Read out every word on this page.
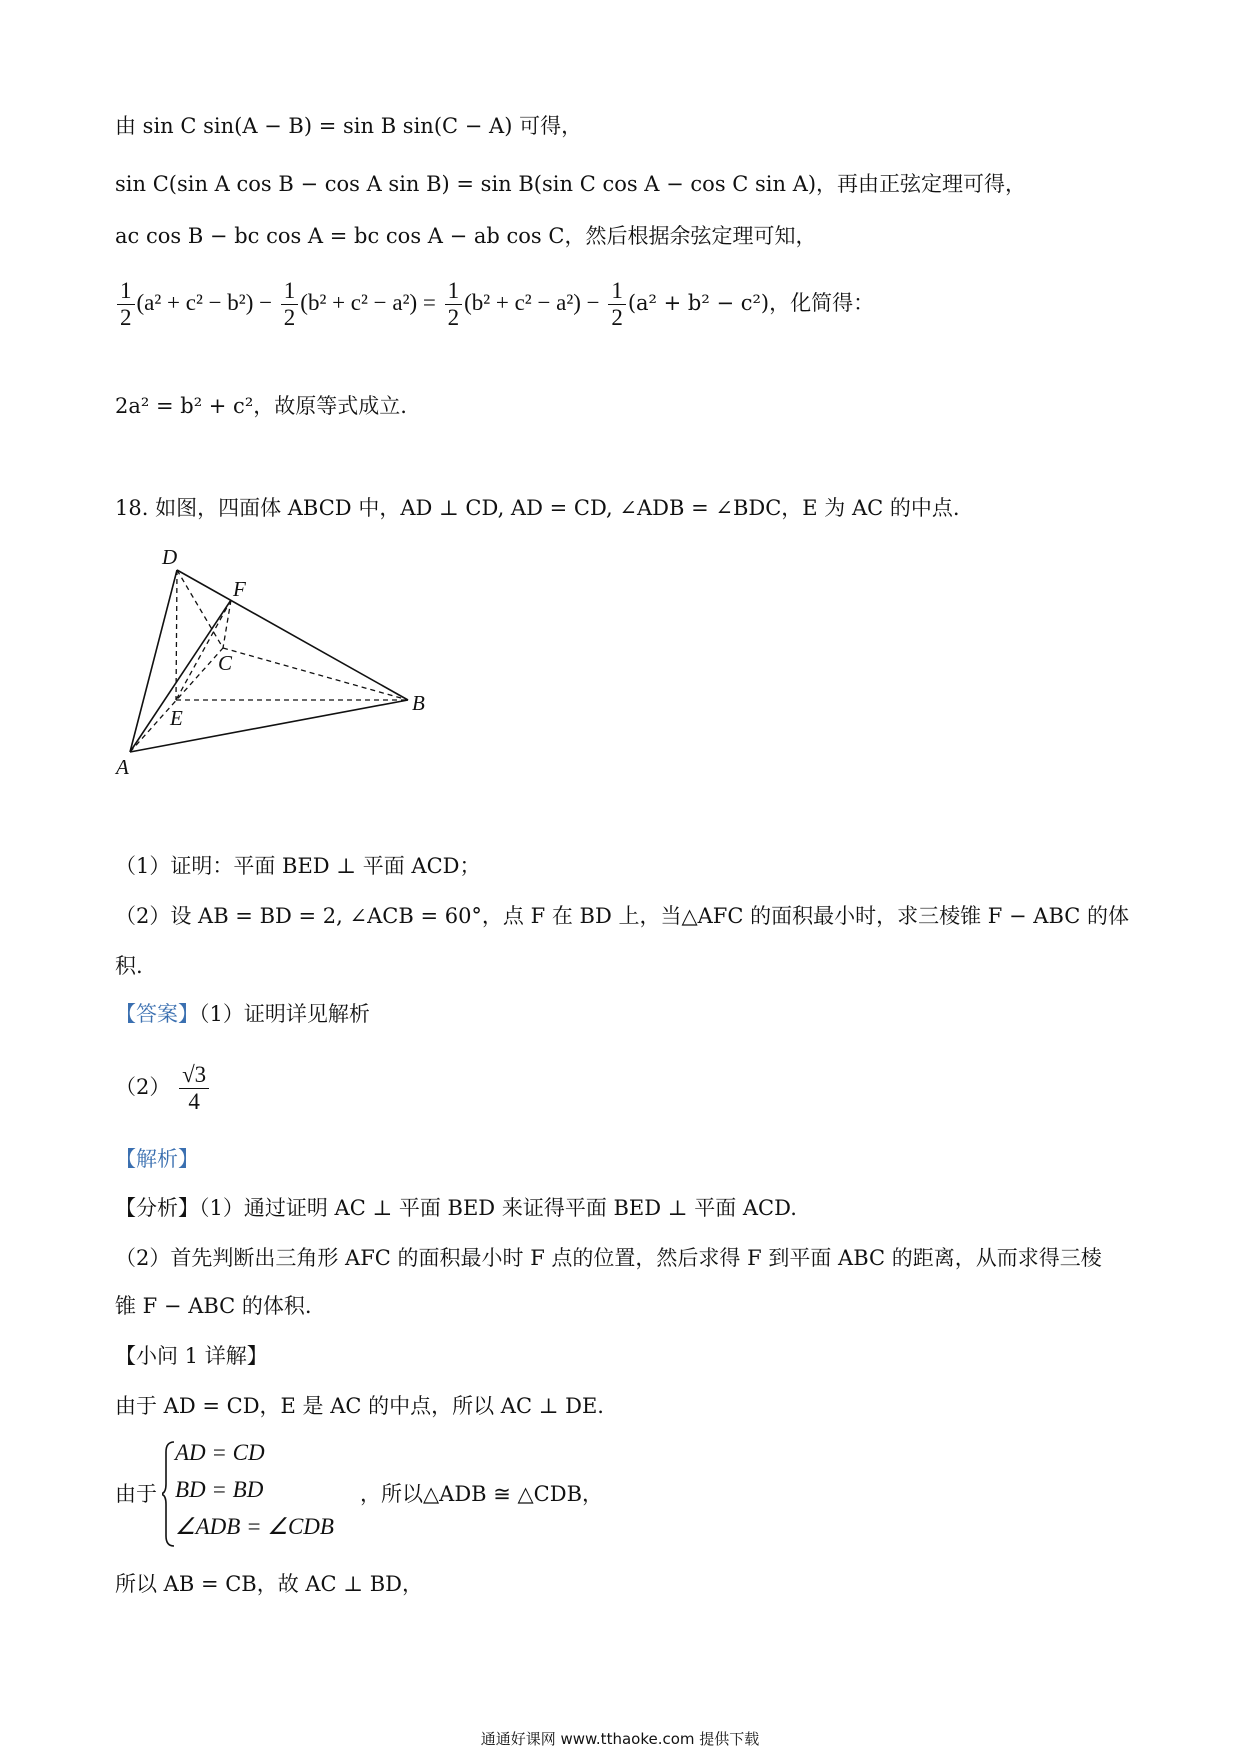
由 sin C sin(A − B) = sin B sin(C − A) 可得，
sin C(sin A cos B − cos A sin B) = sin B(sin C cos A − cos C sin A)，再由正弦定理可得，
ac cos B − bc cos A = bc cos A − ab cos C，然后根据余弦定理可知，
$\frac{1}{2} (a^2 + c^2 - b^2) - \frac{1}{2} (b^2 + c^2 - a^2) = \frac{1}{2} (b^2 + c^2 - a^2) - \frac{1}{2} (a^2 + b^2 - c^2)$，化简得：
2a² = b² + c²，故原等式成立.
18. 如图，四面体 ABCD 中，AD ⊥ CD, AD = CD, ∠ADB = ∠BDC，E 为 AC 的中点.
D
F
C
B
E
A
（1）证明：平面 BED ⊥ 平面 ACD；
（2）设 AB = BD = 2, ∠ACB = 60°，点 F 在 BD 上，当△AFC 的面积最小时，求三棱锥 F − ABC 的体
积.
【答案】（1）证明详见解析
$(2) \frac{√3}{4}$
【解析】
【分析】（1）通过证明 AC ⊥ 平面 BED 来证得平面 BED ⊥ 平面 ACD.
（2）首先判断出三角形 AFC 的面积最小时 F 点的位置，然后求得 F 到平面 ABC 的距离，从而求得三棱
锥 F − ABC 的体积.
【小问 1 详解】
由于 AD = CD，E 是 AC 的中点，所以 AC ⊥ DE.
由于
AD = CD
BD = BD
∠ADB = ∠CDB
，所以△ADB ≅ △CDB，
所以 AB = CB，故 AC ⊥ BD，
通通好课网 www.tthaoke.com 提供下载
